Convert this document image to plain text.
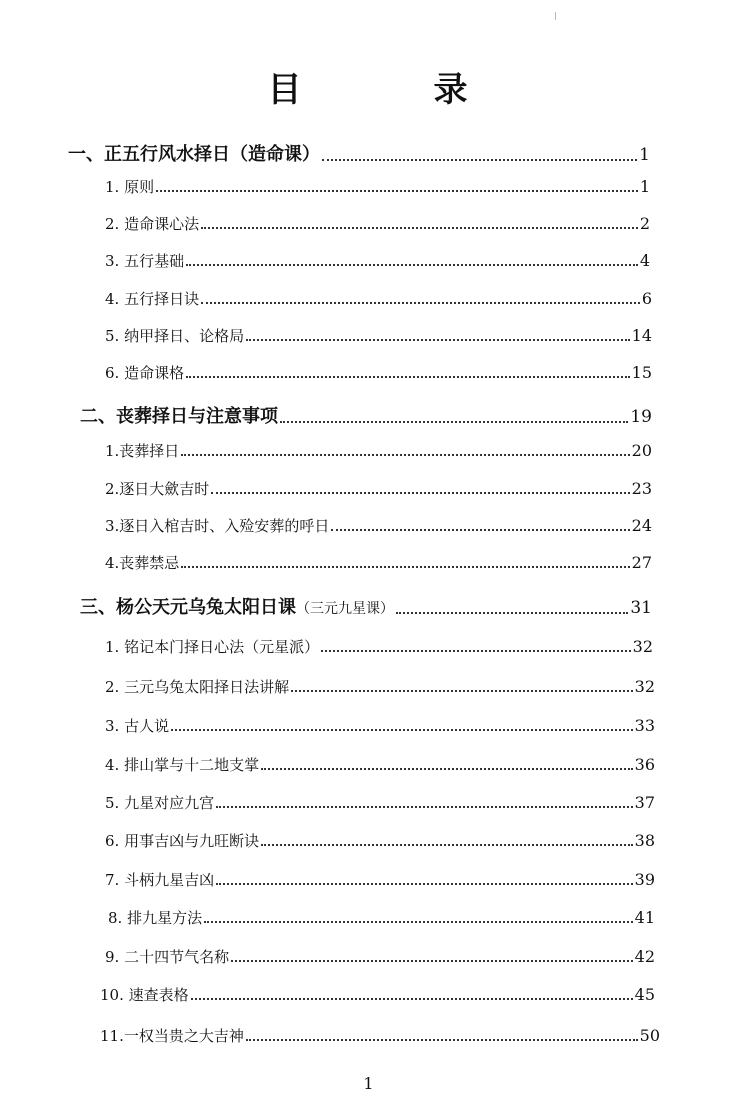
目	录
一、正五行风水择日（造命课）	1
1. 原则	1
2. 造命课心法	2
3. 五行基础	4
4. 五行择日诀	6
5. 纳甲择日、论格局	14
6. 造命课格	15
二、丧葬择日与注意事项	19
1.丧葬择日	20
2.逐日大歛吉时	23
3.逐日入棺吉时、入殓安葬的呼日	24
4.丧葬禁忌	27
三、杨公天元乌兔太阳日课 （三元九星课）	31
1. 铭记本门择日心法（元星派）	32
2. 三元乌兔太阳择日法讲解	32
3. 古人说	33
4. 排山掌与十二地支掌	36
5. 九星对应九宫	37
6. 用事吉凶与九旺断诀	38
7. 斗柄九星吉凶	39
8. 排九星方法	41
9. 二十四节气名称	42
10. 速查表格	45
11.一权当贵之大吉神	50
1
